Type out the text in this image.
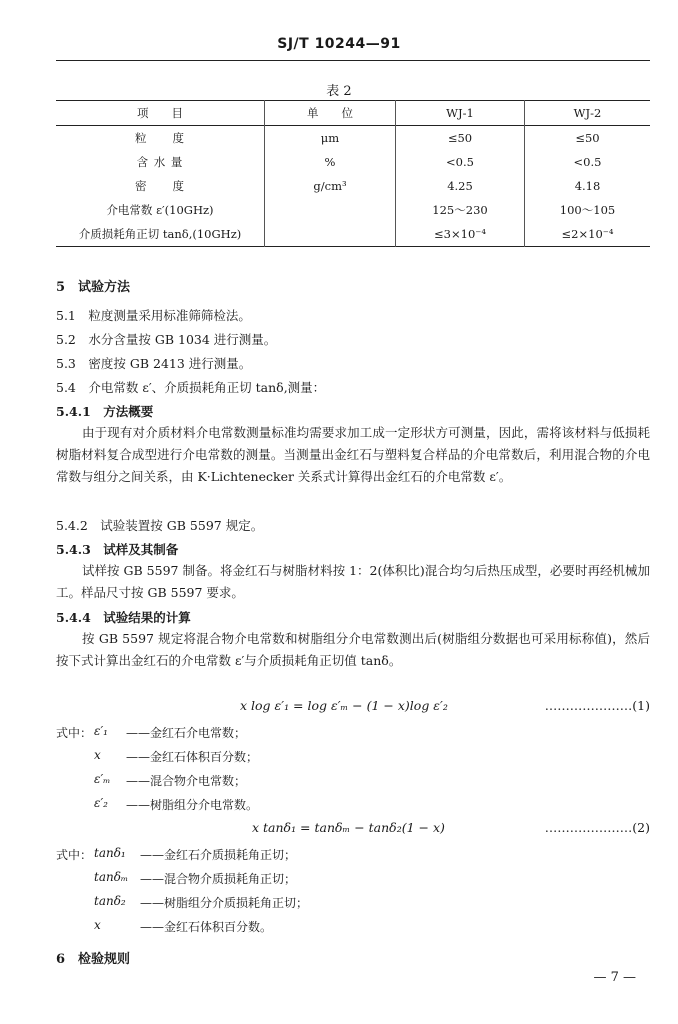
SJ/T 10244—91
表 2
项　　目	单　　位	WJ-1	WJ-2
粒　　度	μm	≤50	≤50
含 水 量	%	<0.5	<0.5
密　　度	g/cm³	4.25	4.18
介电常数 ε′(10GHz)		125～230	100～105
介质损耗角正切 tanδ,(10GHz)		≤3×10⁻⁴	≤2×10⁻⁴
5　试验方法
5.1　粒度测量采用标准筛筛检法。
5.2　水分含量按 GB 1034 进行测量。
5.3　密度按 GB 2413 进行测量。
5.4　介电常数 ε′、介质损耗角正切 tanδ,测量：
5.4.1　方法概要
由于现有对介质材料介电常数测量标准均需要求加工成一定形状方可测量，因此，需将该材料与低损耗树脂材料复合成型进行介电常数的测量。当测量出金红石与塑料复合样品的介电常数后，利用混合物的介电常数与组分之间关系，由 K·Lichtenecker 关系式计算得出金红石的介电常数 ε′。
5.4.2　试验装置按 GB 5597 规定。
5.4.3　试样及其制备
试样按 GB 5597 制备。将金红石与树脂材料按 1：2(体积比)混合均匀后热压成型，必要时再经机械加工。样品尺寸按 GB 5597 要求。
5.4.4　试验结果的计算
按 GB 5597 规定将混合物介电常数和树脂组分介电常数测出后(树脂组分数据也可采用标称值)，然后按下式计算出金红石的介电常数 ε′与介质损耗角正切值 tanδ。
x log ε′₁ = log ε′ₘ − (1 − x)log ε′₂	…………………(1)
式中： ε′₁ ——金红石介电常数；
x ——金红石体积百分数；
ε′ₘ ——混合物介电常数；
ε′₂ ——树脂组分介电常数。
x tanδ₁ = tanδₘ − tanδ₂(1 − x)	…………………(2)
式中： tanδ₁ ——金红石介质损耗角正切；
tanδₘ ——混合物介质损耗角正切；
tanδ₂ ——树脂组分介质损耗角正切；
x	——金红石体积百分数。
6　检验规则
— 7 —
